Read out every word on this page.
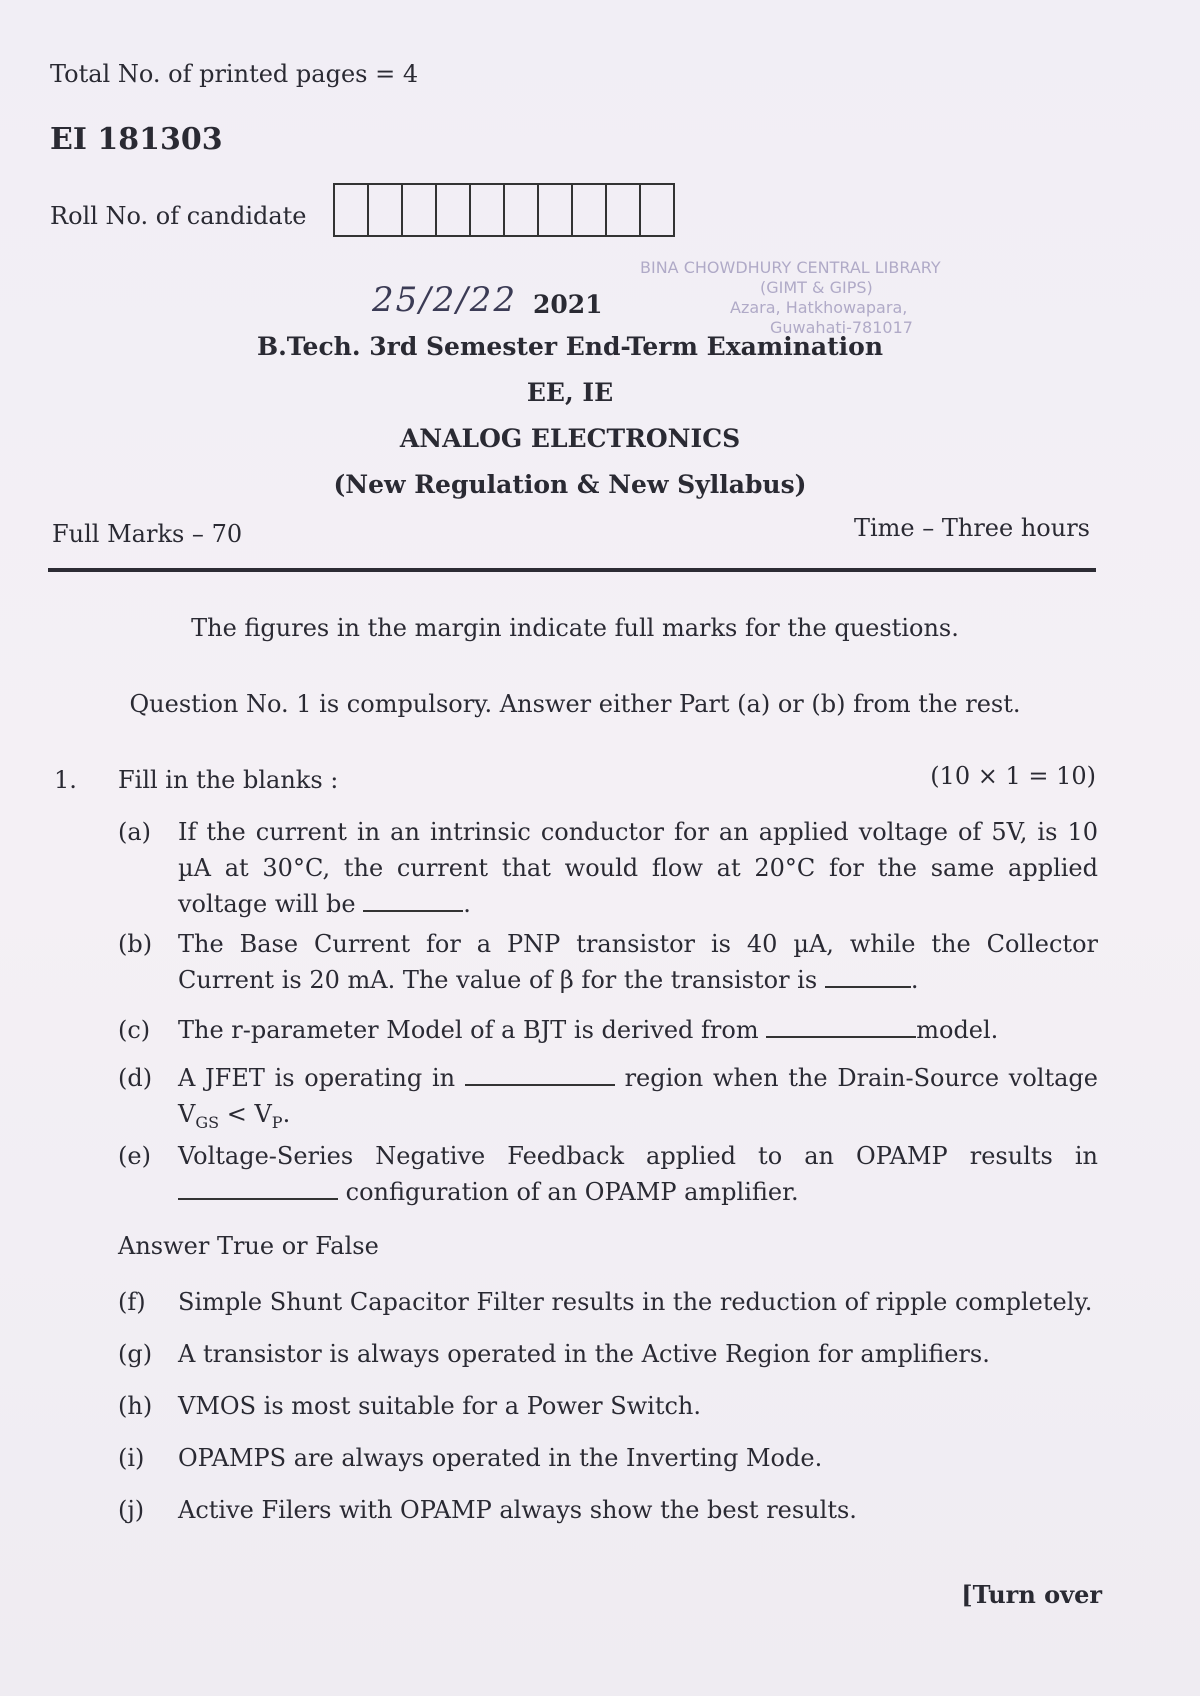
Total No. of printed pages = 4
EI 181303
Roll No. of candidate
BINA CHOWDHURY CENTRAL LIBRARY
(GIMT & GIPS)
Azara, Hatkhowapara,
Guwahati-781017
25/2/22 2021
B.Tech. 3rd Semester End-Term Examination
EE, IE
ANALOG ELECTRONICS
(New Regulation & New Syllabus)
Full Marks – 70	Time – Three hours
The figures in the margin indicate full marks for the questions.
Question No. 1 is compulsory. Answer either Part (a) or (b) from the rest.
1. Fill in the blanks :	(10 × 1 = 10)
(a)	If the current in an intrinsic conductor for an applied voltage of 5V, is 10 µA at 30°C, the current that would flow at 20°C for the same applied voltage will be	.
(b)	The Base Current for a PNP transistor is 40 µA, while the Collector Current is 20 mA. The value of β for the transistor is	.
(c)	The r-parameter Model of a BJT is derived from	model.
(d)	A JFET is operating in	region when the Drain-Source voltage $V_{GS} < V_P$.
(e)	Voltage-Series Negative Feedback applied to an OPAMP results in  configuration of an OPAMP amplifier.
Answer True or False
(f)	Simple Shunt Capacitor Filter results in the reduction of ripple completely.
(g)	A transistor is always operated in the Active Region for amplifiers.
(h)	VMOS is most suitable for a Power Switch.
(i)	OPAMPS are always operated in the Inverting Mode.
(j)	Active Filers with OPAMP always show the best results.
[Turn over
